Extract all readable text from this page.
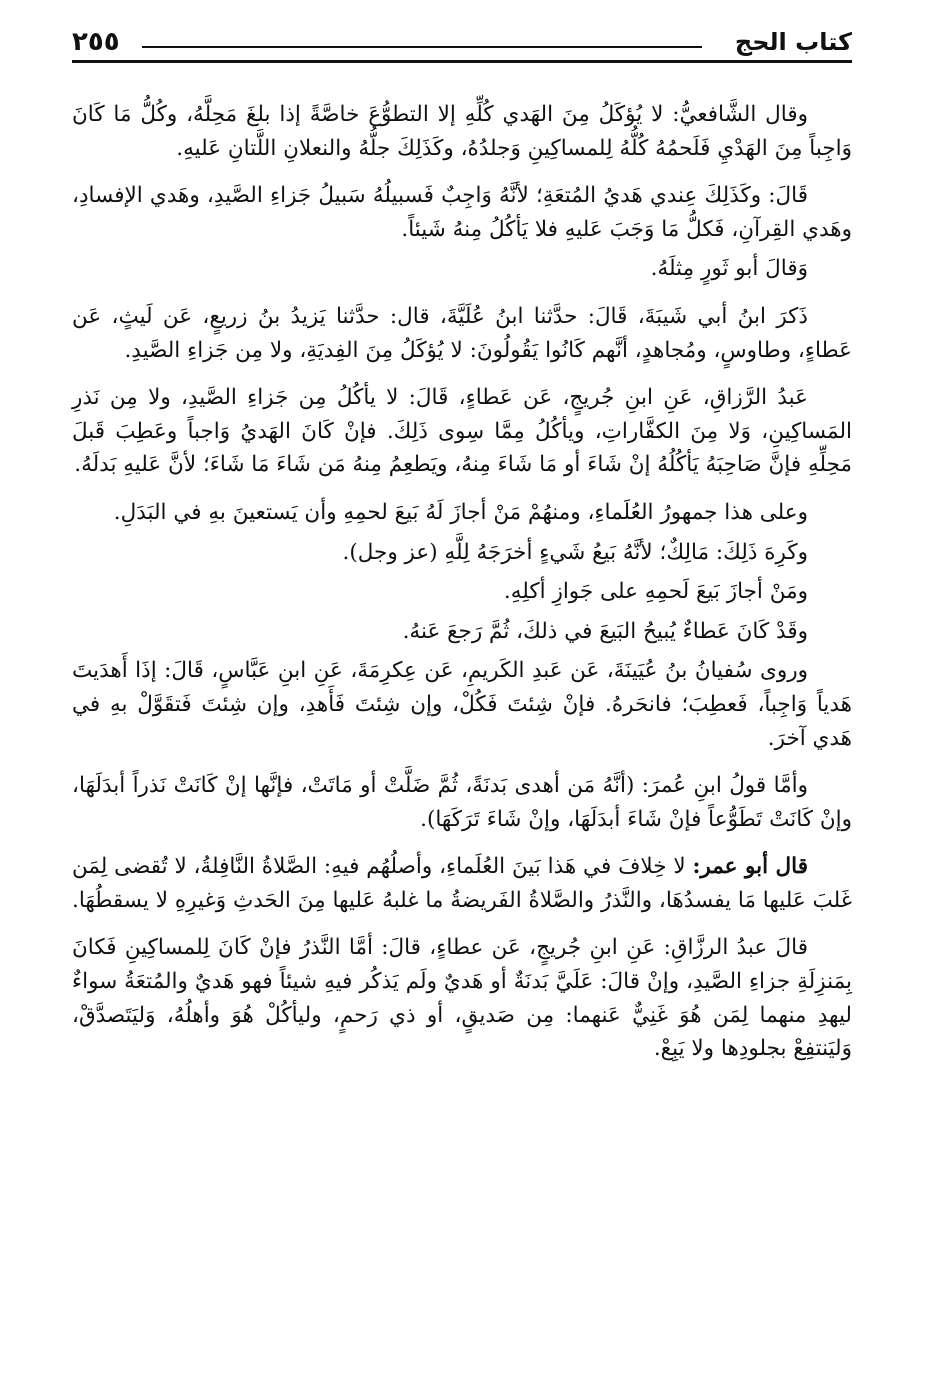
كتاب الحج
٢٥٥

وقال الشَّافعيُّ: لا يُؤكَلُ مِنَ الهَدي كُلِّهِ إلا التطوُّعَ خاصَّةً إذا بلغَ مَحِلَّهُ، وكُلُّ مَا كَانَ وَاجِباً مِنَ الهَدْيِ فَلَحمُهُ كُلُّهُ لِلمساكِينِ وَجلدُهُ، وكَذَلِكَ جلُّهُ والنعلانِ اللَّتانِ عَليهِ.

قَالَ: وكَذَلِكَ عِندي هَديُ المُتعَةِ؛ لأنَّهُ وَاجِبٌ فَسبيلُهُ سَبيلُ جَزاءِ الصَّيدِ، وهَدي الإفسادِ، وهَدي القِرآنِ، فَكلُّ مَا وَجَبَ عَليهِ فلا يَأكُلُ مِنهُ شَيئاً.

وَقالَ أبو ثَورٍ مِثلَهُ.

ذَكرَ ابنُ أبي شَيبَةَ، قَالَ: حدَّثنا ابنُ عُلَيَّةَ، قال: حدَّثنا يَزيدُ بنُ زريعٍ، عَن لَيثٍ، عَن عَطاءٍ، وطاوسٍ، ومُجاهدٍ، أنَّهم كَانُوا يَقُولُونَ: لا يُؤكَلُ مِنَ الفِديَةِ، ولا مِن جَزاءِ الصَّيدِ.

عَبدُ الرَّزاقِ، عَنِ ابنِ جُريجٍ، عَن عَطاءٍ، قَالَ: لا يأكُلُ مِن جَزاءِ الصَّيدِ، ولا مِن نَذرِ المَساكِينِ، وَلا مِنَ الكفَّاراتِ، ويأكُلُ مِمَّا سِوى ذَلِكَ. فإنْ كَانَ الهَديُ وَاجباً وعَطِبَ قَبلَ مَحِلِّهِ فإنَّ صَاحِبَهُ يَأكُلُهُ إنْ شَاءَ أو مَا شَاءَ مِنهُ، ويَطعِمُ مِنهُ مَن شَاءَ مَا شَاءَ؛ لأنَّ عَليهِ بَدلَهُ.

وعلى هذا جمهورُ العُلَماءِ، ومنهُمْ مَنْ أجازَ لَهُ بَيعَ لحمِهِ وأن يَستعينَ بهِ في البَدَلِ.

وكَرِهَ ذَلِكَ: مَالِكٌ؛ لأنَّهُ بَيعُ شَيءٍ أخرَجَهُ لِلَّهِ (عز وجل).

ومَنْ أجازَ بَيعَ لَحمِهِ على جَوازِ أكلِهِ.

وقَدْ كَانَ عَطاءٌ يُبيحُ البَيعَ في ذلكَ، ثُمَّ رَجعَ عَنهُ.

وروى سُفيانُ بنُ عُيَينَةَ، عَن عَبدِ الكَريمِ، عَن عِكرِمَةَ، عَنِ ابنِ عَبَّاسٍ، قَالَ: إذَا أَهدَيتَ هَدياً وَاجِباً، فَعطِبَ؛ فانحَرهُ. فإنْ شِئتَ فَكُلْ، وإن شِئتَ فَأَهدِ، وإن شِئتَ فَتقَوَّلْ بهِ في هَدي آخرَ.

وأمَّا قولُ ابنِ عُمرَ: (أنَّهُ مَن أهدى بَدنَةً، ثُمَّ ضَلَّتْ أو مَاتَتْ، فإنَّها إنْ كَانَتْ نَذراً أبدَلَهَا، وإنْ كَانَتْ تَطَوُّعاً فإنْ شَاءَ أبدَلَهَا، وإنْ شَاءَ تَرَكَهَا).

قال أبو عمر: لا خِلافَ في هَذا بَينَ العُلَماءِ، وأصلُهُم فيهِ: الصَّلاةُ النَّافِلةُ، لا تُقضى لِمَن غَلبَ عَليها مَا يفسدُهَا، والنَّذرُ والصَّلاةُ الفَريضةُ ما غلبهُ عَليها مِنَ الحَدثِ وَغيرِهِ لا يسقطُهَا.

قالَ عبدُ الرزَّاقِ: عَنِ ابنِ جُريجٍ، عَن عطاءٍ، قالَ: أمَّا النَّذرُ فإنْ كَانَ لِلمساكِينِ فَكانَ بِمَنزِلَةِ جزاءِ الصَّيدِ، وإنْ قالَ: عَلَيَّ بَدنَةٌ أو هَديٌ ولَم يَذكُر فيهِ شيئاً فهو هَديٌ والمُتعَةُ سواءٌ ليهدِ منهما لِمَن هُوَ غَنِيٌّ عَنهما: مِن صَديقٍ، أو ذي رَحمٍ، وليأكُلْ هُوَ وأهلُهُ، وَليَتَصدَّقْ، وَليَنتفِعْ بجلودِها ولا يَبِعْ.
